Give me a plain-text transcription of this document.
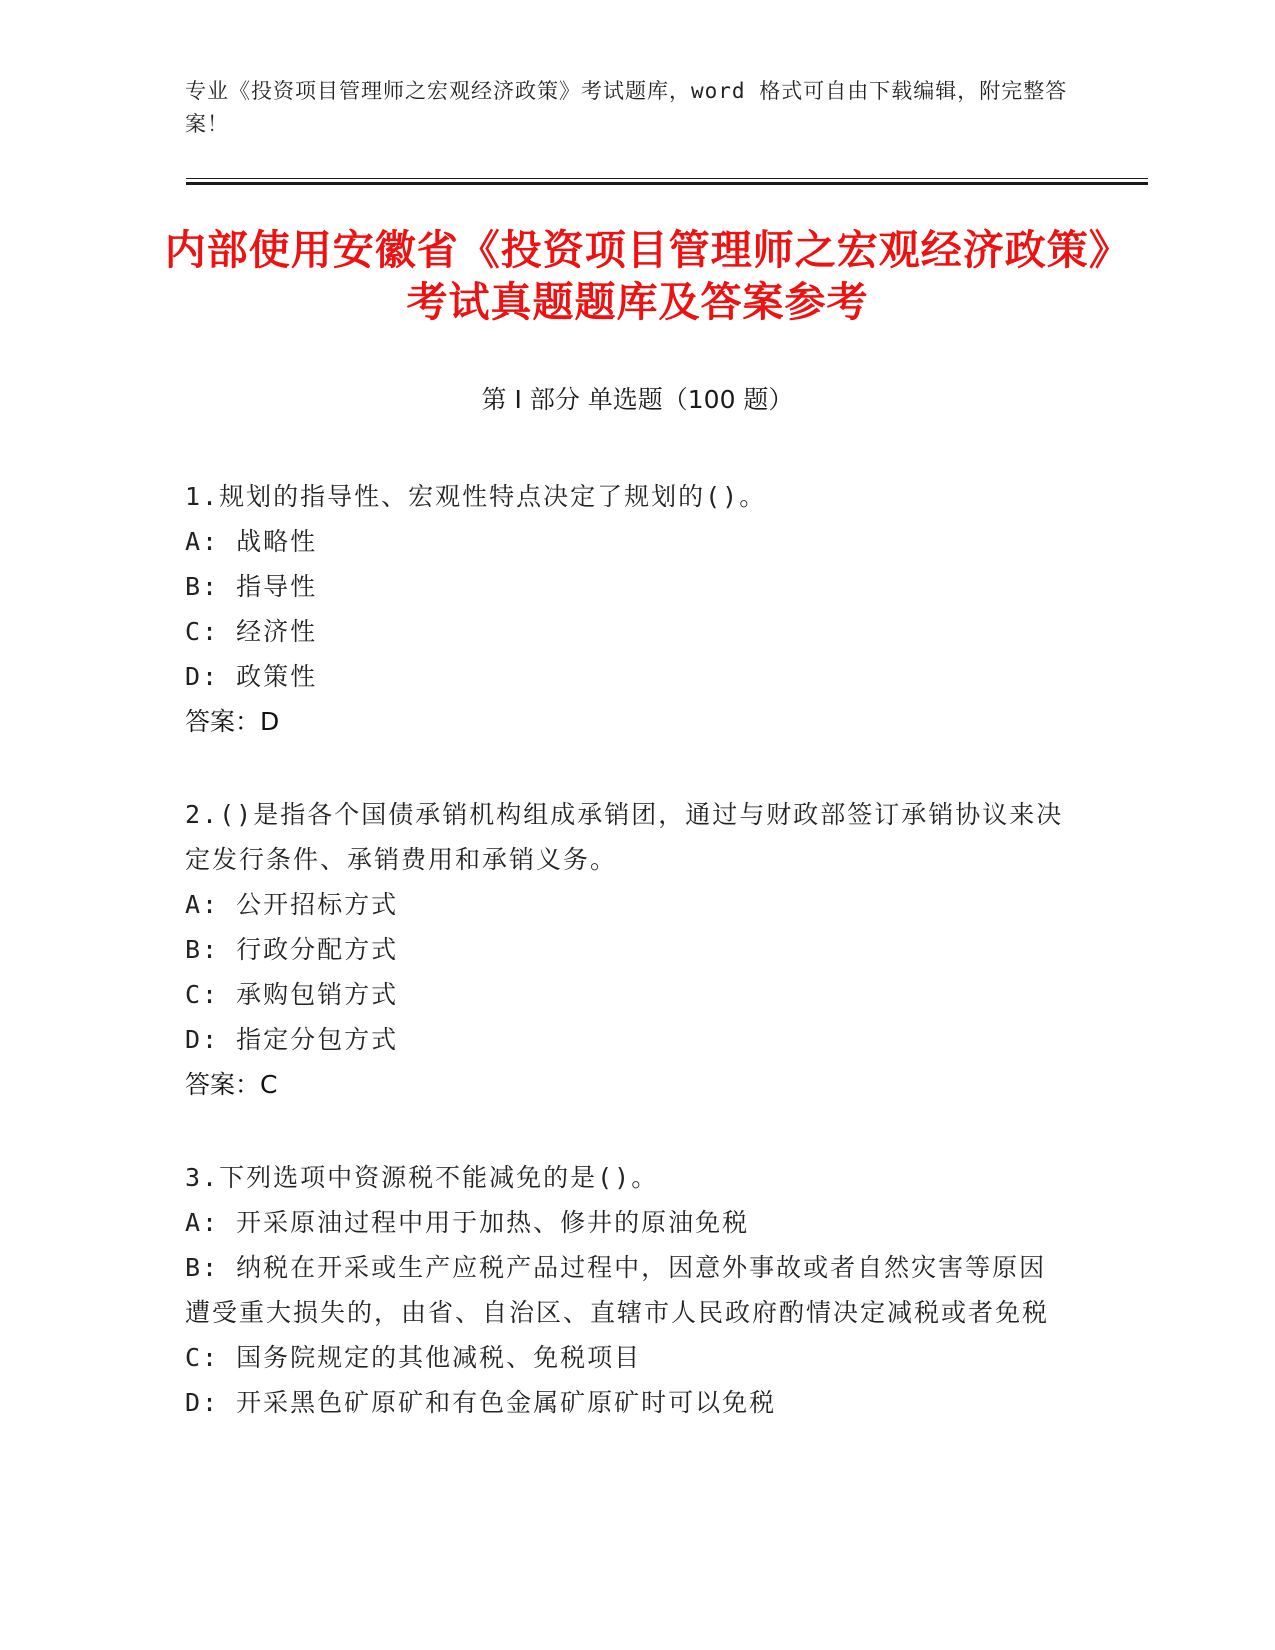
专业《投资项目管理师之宏观经济政策》考试题库，word 格式可自由下载编辑，附完整答案！
内部使用安徽省《投资项目管理师之宏观经济政策》考试真题题库及答案参考
第 I 部分 单选题（100 题）

1.规划的指导性、宏观性特点决定了规划的()。

A: 战略性

B: 指导性

C: 经济性

D: 政策性

答案：D

2.()是指各个国债承销机构组成承销团，通过与财政部签订承销协议来决定发行条件、承销费用和承销义务。

A: 公开招标方式

B: 行政分配方式

C: 承购包销方式

D: 指定分包方式

答案：C

3.下列选项中资源税不能减免的是()。

A: 开采原油过程中用于加热、修井的原油免税

B: 纳税在开采或生产应税产品过程中，因意外事故或者自然灾害等原因遭受重大损失的，由省、自治区、直辖市人民政府酌情决定减税或者免税

C: 国务院规定的其他减税、免税项目

D: 开采黑色矿原矿和有色金属矿原矿时可以免税
